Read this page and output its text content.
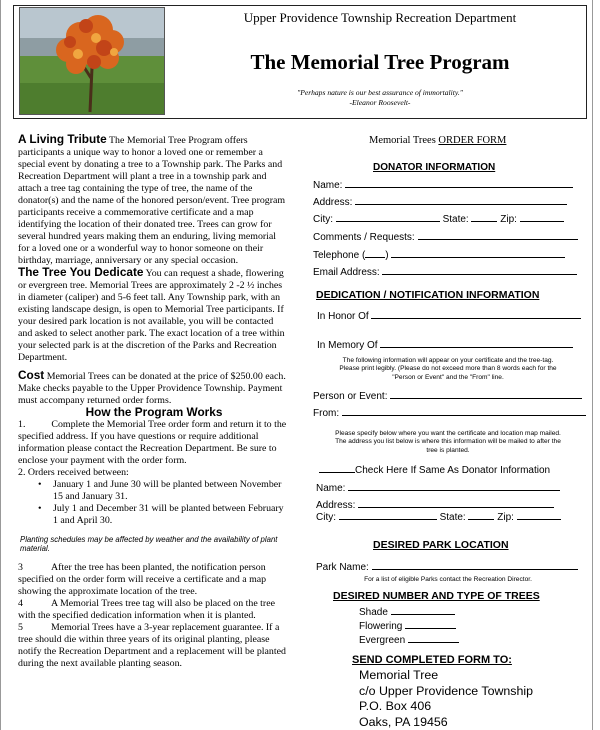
Upper Providence Township Recreation Department
The Memorial Tree Program
"Perhaps nature is our best assurance of immortality."
-Eleanor Roosevelt-

A Living Tribute The Memorial Tree Program offers participants a unique way to honor a loved one or remember a special event by donating a tree to a Township park. The Parks and Recreation Department will plant a tree in a township park and attach a tree tag containing the type of tree, the name of the donator(s) and the name of the honored person/event. Tree program participants receive a commemorative certificate and a map identifying the location of their donated tree. Trees can grow for several hundred years making them an enduring, living memorial for a loved one or a wonderful way to honor someone on their birthday, marriage, anniversary or any special occasion.

The Tree You Dedicate You can request a shade, flowering or evergreen tree. Memorial Trees are approximately 2 -2 ½ inches in diameter (caliper) and 5-6 feet tall. Any Township park, with an existing landscape design, is open to Memorial Tree participants. If your desired park location is not available, you will be contacted and asked to select another park. The exact location of a tree within your selected park is at the discretion of the Parks and Recreation Department.

Cost Memorial Trees can be donated at the price of $250.00 each. Make checks payable to the Upper Providence Township. Payment must accompany returned order forms.

How the Program Works

1.	Complete the Memorial Tree order form and return it to the specified address. If you have questions or require additional information please contact the Recreation Department. Be sure to enclose your payment with the order form.

2. Orders received between:

•	January 1 and June 30 will be planted between November 15 and January 31.
•	July 1 and December 31 will be planted between February 1 and April 30.

Planting schedules may be affected by weather and the availability of plant material.

3	After the tree has been planted, the notification person specified on the order form will receive a certificate and a map showing the approximate location of the tree.

4	A Memorial Trees tree tag will also be placed on the tree with the specified dedication information when it is planted.

5	Memorial Trees have a 3-year replacement guarantee. If a tree should die within three years of its original planting, please notify the Recreation Department and a replacement will be planted during the next available planting season.

Memorial Trees ORDER FORM
DONATOR INFORMATION
Name:
Address:
City:	State:	Zip:
Comments / Requests:
Telephone ( )
Email Address:
DEDICATION / NOTIFICATION INFORMATION
In Honor Of
In Memory Of
The following information will appear on your certificate and the tree-tag.
Please print legibly. (Please do not exceed more than 8 words each for the
"Person or Event" and the "From" line.
Person or Event:
From:
Please specify below where you want the certificate and location map mailed.
The address you list below is where this information will be mailed to after the
tree is planted.
Check Here If Same As Donator Information
Name:
Address:
City:	State:	Zip:
DESIRED PARK LOCATION
Park Name:
For a list of eligible Parks contact the Recreation Director.
DESIRED NUMBER AND TYPE OF TREES
Shade
Flowering
Evergreen
SEND COMPLETED FORM TO:
Memorial Tree
c/o Upper Providence Township
P.O. Box 406
Oaks, PA 19456
